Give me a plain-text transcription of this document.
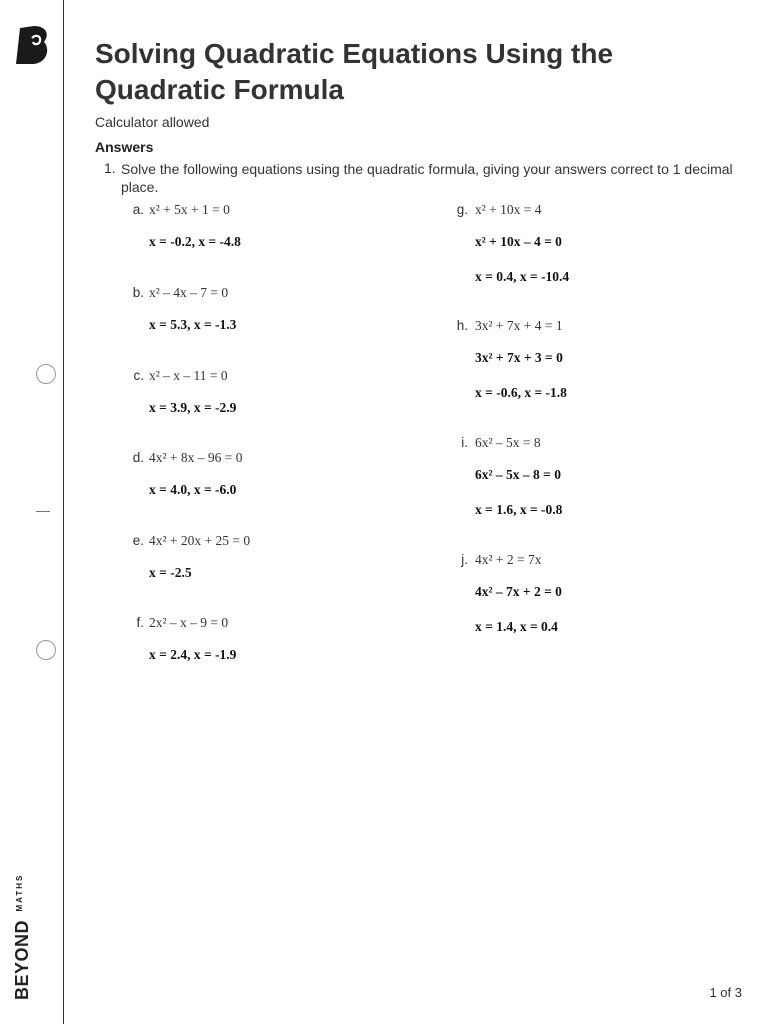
BEYOND $^{MATHS}$
Solving Quadratic Equations Using the Quadratic Formula
Calculator allowed
Answers
1. Solve the following equations using the quadratic formula, giving your answers correct to 1 decimal place.
a. x² + 5x + 1 = 0
x = -0.2, x = -4.8
b. x² – 4x – 7 = 0
x = 5.3, x = -1.3
c. x² – x – 11 = 0
x = 3.9, x = -2.9
d. 4x² + 8x – 96 = 0
x = 4.0, x = -6.0
e. 4x² + 20x + 25 = 0
x = -2.5
f. 2x² – x – 9 = 0
x = 2.4, x = -1.9
g. x² + 10x = 4
x² + 10x – 4 = 0
x = 0.4, x = -10.4
h. 3x² + 7x + 4 = 1
3x² + 7x + 3 = 0
x = -0.6, x = -1.8
i. 6x² – 5x = 8
6x² – 5x – 8 = 0
x = 1.6, x = -0.8
j. 4x² + 2 = 7x
4x² – 7x + 2 = 0
x = 1.4, x = 0.4
1 of 3
